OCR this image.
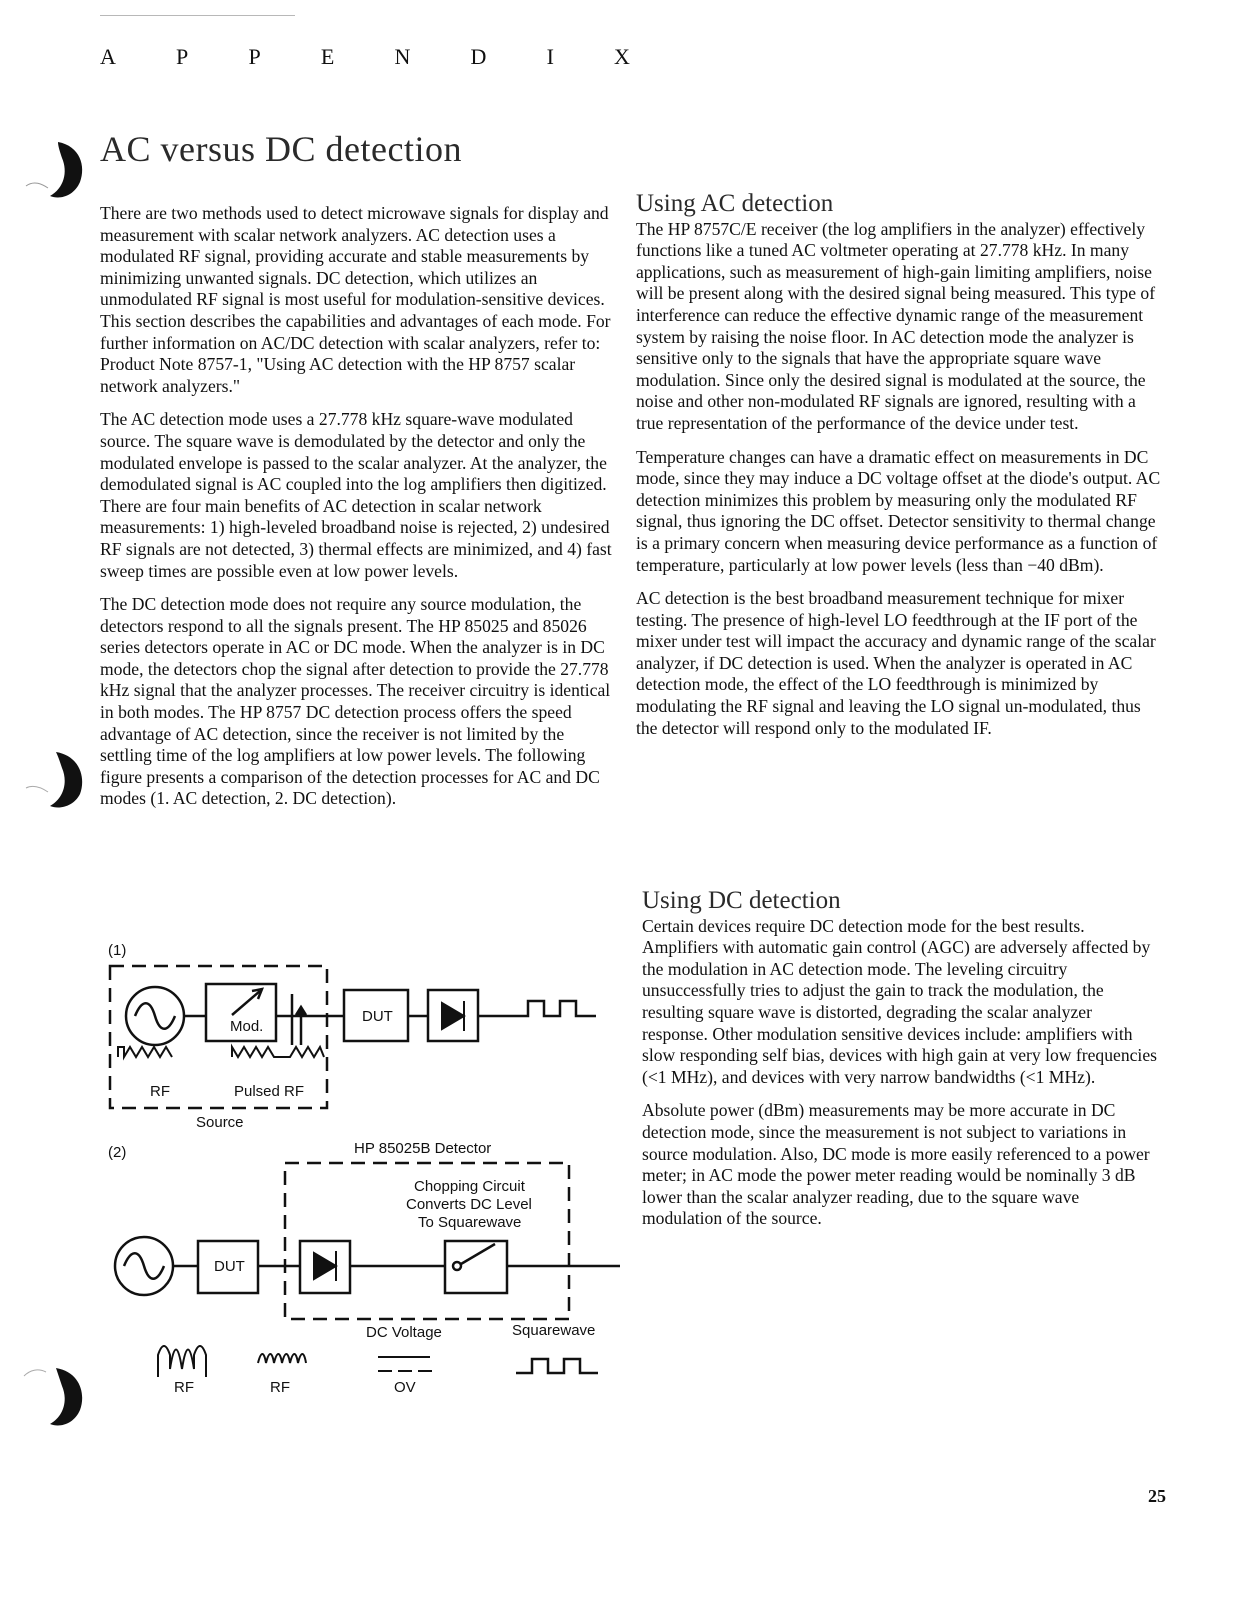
A	P	P	E	N	D	I	X
AC versus DC detection

There are two methods used to detect microwave signals for display and measurement with scalar network analyzers. AC detection uses a modulated RF signal, providing accurate and stable measurements by minimizing unwanted signals. DC detection, which utilizes an unmodulated RF signal is most useful for modulation-sensitive devices. This section describes the capabilities and advantages of each mode. For further information on AC/DC detection with scalar analyzers, refer to: Product Note 8757-1, "Using AC detection with the HP 8757 scalar network analyzers."

The AC detection mode uses a 27.778 kHz square-wave modulated source. The square wave is demodulated by the detector and only the modulated envelope is passed to the scalar analyzer. At the analyzer, the demodulated signal is AC coupled into the log amplifiers then digitized. There are four main benefits of AC detection in scalar network measurements: 1) high-leveled broadband noise is rejected, 2) undesired RF signals are not detected, 3) thermal effects are minimized, and 4) fast sweep times are possible even at low power levels.

The DC detection mode does not require any source modulation, the detectors respond to all the signals present. The HP 85025 and 85026 series detectors operate in AC or DC mode. When the analyzer is in DC mode, the detectors chop the signal after detection to provide the 27.778 kHz signal that the analyzer processes. The receiver circuitry is identical in both modes. The HP 8757 DC detection process offers the speed advantage of AC detection, since the receiver is not limited by the settling time of the log amplifiers at low power levels. The following figure presents a comparison of the detection processes for AC and DC modes (1. AC detection, 2. DC detection).

Using AC detection

The HP 8757C/E receiver (the log amplifiers in the analyzer) effectively functions like a tuned AC voltmeter operating at 27.778 kHz. In many applications, such as measurement of high-gain limiting amplifiers, noise will be present along with the desired signal being measured. This type of interference can reduce the effective dynamic range of the measurement system by raising the noise floor. In AC detection mode the analyzer is sensitive only to the signals that have the appropriate square wave modulation. Since only the desired signal is modulated at the source, the noise and other non-modulated RF signals are ignored, resulting with a true representation of the performance of the device under test.

Temperature changes can have a dramatic effect on measurements in DC mode, since they may induce a DC voltage offset at the diode's output. AC detection minimizes this problem by measuring only the modulated RF signal, thus ignoring the DC offset. Detector sensitivity to thermal change is a primary concern when measuring device performance as a function of temperature, particularly at low power levels (less than −40 dBm).

AC detection is the best broadband measurement technique for mixer testing. The presence of high-level LO feedthrough at the IF port of the mixer under test will impact the accuracy and dynamic range of the scalar analyzer, if DC detection is used. When the analyzer is operated in AC detection mode, the effect of the LO feedthrough is minimized by modulating the RF signal and leaving the LO signal un-modulated, thus the detector will respond only to the modulated IF.

Using DC detection

Certain devices require DC detection mode for the best results. Amplifiers with automatic gain control (AGC) are adversely affected by the modulation in AC detection mode. The leveling circuitry unsuccessfully tries to adjust the gain to track the modulation, the resulting square wave is distorted, degrading the scalar analyzer response. Other modulation sensitive devices include: amplifiers with slow responding self bias, devices with high gain at very low frequencies (<1 MHz), and devices with very narrow bandwidths (<1 MHz).

Absolute power (dBm) measurements may be more accurate in DC detection mode, since the measurement is not subject to variations in source modulation. Also, DC mode is more easily referenced to a power meter; in AC mode the power meter reading would be nominally 3 dB lower than the scalar analyzer reading, due to the square wave modulation of the source.

(1)
Mod.
DUT
RF	Pulsed RF
Source
(2)	HP 85025B Detector
Chopping Circuit
Converts DC Level
To Squarewave
DUT
DC Voltage	Squarewave
RF	RF	OV
25
